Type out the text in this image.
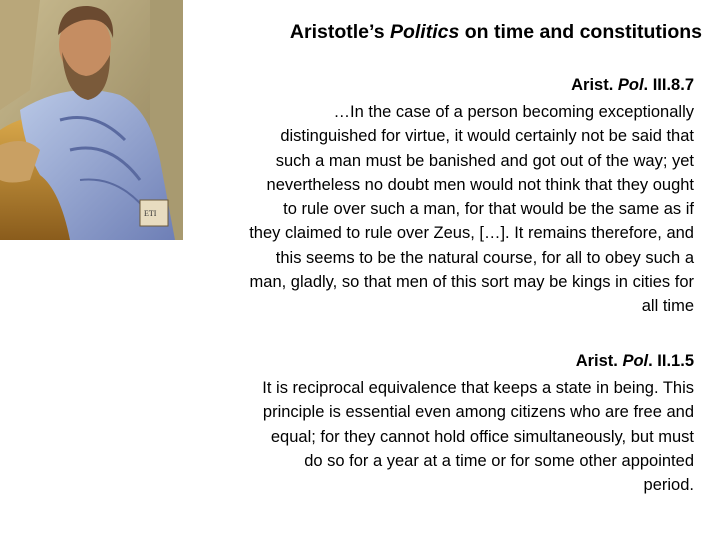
ETI
Aristotle’s Politics on time and constitutions
Arist. Pol. III.8.7
…In the case of a person becoming exceptionally
distinguished for virtue, it would certainly not be said that
such a man must be banished and got out of the way; yet
nevertheless no doubt men would not think that they ought
to rule over such a man, for that would be the same as if
they claimed to rule over Zeus, […]. It remains therefore, and
this seems to be the natural course, for all to obey such a
man, gladly, so that men of this sort may be kings in cities for
all time
Arist. Pol. II.1.5
It is reciprocal equivalence that keeps a state in being. This
principle is essential even among citizens who are free and
equal; for they cannot hold office simultaneously, but must
do so for a year at a time or for some other appointed
period.
